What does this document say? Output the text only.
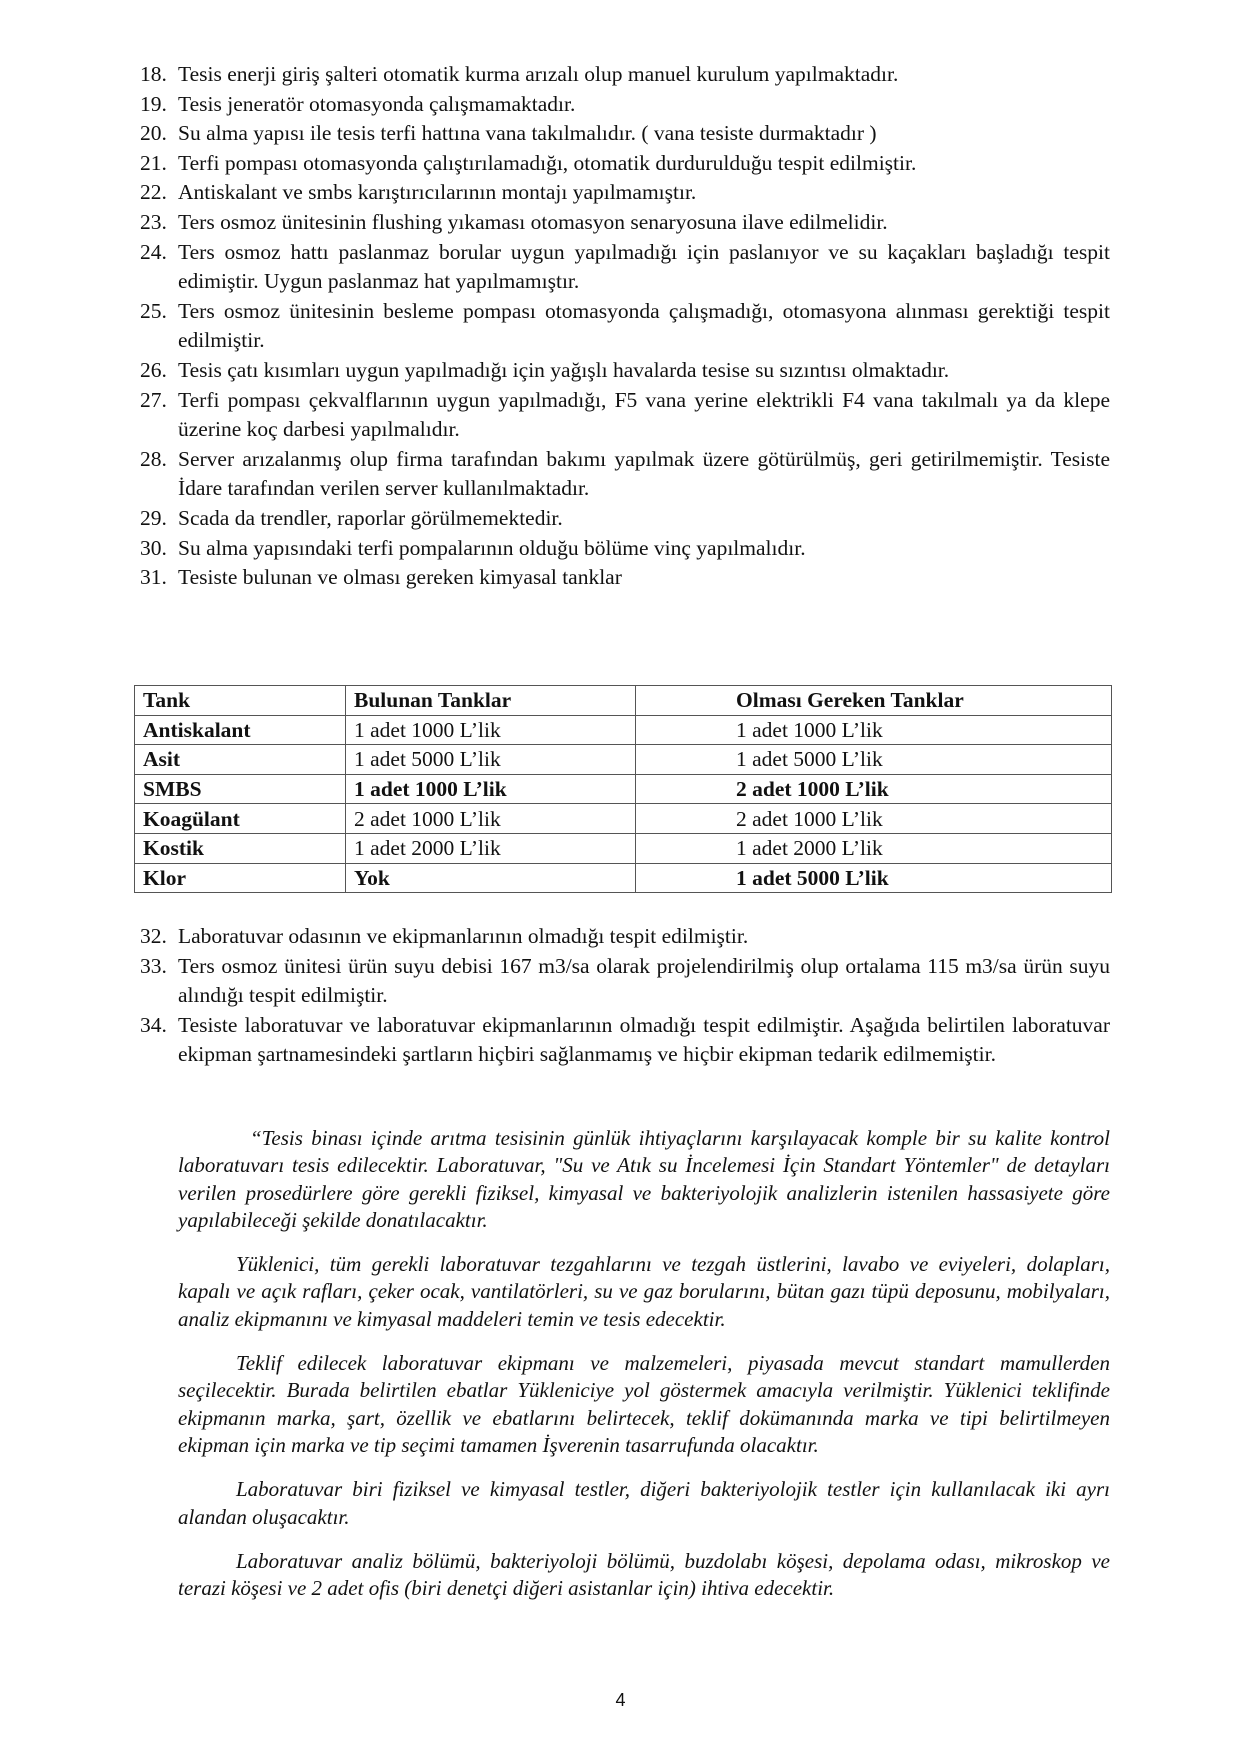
18. Tesis enerji giriş şalteri otomatik kurma arızalı olup manuel kurulum yapılmaktadır.
19. Tesis jeneratör otomasyonda çalışmamaktadır.
20. Su alma yapısı ile tesis terfi hattına vana takılmalıdır. ( vana tesiste durmaktadır )
21. Terfi pompası otomasyonda çalıştırılamadığı, otomatik durdurulduğu tespit edilmiştir.
22. Antiskalant ve smbs karıştırıcılarının montajı yapılmamıştır.
23. Ters osmoz ünitesinin flushing yıkaması otomasyon senaryosuna ilave edilmelidir.
24. Ters osmoz hattı paslanmaz borular uygun yapılmadığı için paslanıyor ve su kaçakları başladığı tespit edimiştir. Uygun paslanmaz hat yapılmamıştır.
25. Ters osmoz ünitesinin besleme pompası otomasyonda çalışmadığı, otomasyona alınması gerektiği tespit edilmiştir.
26. Tesis çatı kısımları uygun yapılmadığı için yağışlı havalarda tesise su sızıntısı olmaktadır.
27. Terfi pompası çekvalflarının uygun yapılmadığı, F5 vana yerine elektrikli F4 vana takılmalı ya da klepe üzerine koç darbesi yapılmalıdır.
28. Server arızalanmış olup firma tarafından bakımı yapılmak üzere götürülmüş, geri getirilmemiştir. Tesiste İdare tarafından verilen server kullanılmaktadır.
29. Scada da trendler, raporlar görülmemektedir.
30. Su alma yapısındaki terfi pompalarının olduğu bölüme vinç yapılmalıdır.
31. Tesiste bulunan ve olması gereken kimyasal tanklar
Tank	Bulunan Tanklar	Olması Gereken Tanklar
Antiskalant	1 adet 1000 L’lik	1 adet 1000 L’lik
Asit	1 adet 5000 L’lik	1 adet 5000 L’lik
SMBS	1 adet 1000 L’lik	2 adet 1000 L’lik
Koagülant	2 adet 1000 L’lik	2 adet 1000 L’lik
Kostik	1 adet 2000 L’lik	1 adet 2000 L’lik
Klor	Yok	1 adet 5000 L’lik
32. Laboratuvar odasının ve ekipmanlarının olmadığı tespit edilmiştir.
33. Ters osmoz ünitesi ürün suyu debisi 167 m3/sa olarak projelendirilmiş olup ortalama 115 m3/sa ürün suyu alındığı tespit edilmiştir.
34. Tesiste laboratuvar ve laboratuvar ekipmanlarının olmadığı tespit edilmiştir. Aşağıda belirtilen laboratuvar ekipman şartnamesindeki şartların hiçbiri sağlanmamış ve hiçbir ekipman tedarik edilmemiştir.

“Tesis binası içinde arıtma tesisinin günlük ihtiyaçlarını karşılayacak komple bir su kalite kontrol laboratuvarı tesis edilecektir. Laboratuvar, "Su ve Atık su İncelemesi İçin Standart Yöntemler" de detayları verilen prosedürlere göre gerekli fiziksel, kimyasal ve bakteriyolojik analizlerin istenilen hassasiyete göre yapılabileceği şekilde donatılacaktır.

Yüklenici, tüm gerekli laboratuvar tezgahlarını ve tezgah üstlerini, lavabo ve eviyeleri, dolapları, kapalı ve açık rafları, çeker ocak, vantilatörleri, su ve gaz borularını, bütan gazı tüpü deposunu, mobilyaları, analiz ekipmanını ve kimyasal maddeleri temin ve tesis edecektir.

Teklif edilecek laboratuvar ekipmanı ve malzemeleri, piyasada mevcut standart mamullerden seçilecektir. Burada belirtilen ebatlar Yükleniciye yol göstermek amacıyla verilmiştir. Yüklenici teklifinde ekipmanın marka, şart, özellik ve ebatlarını belirtecek, teklif dokümanında marka ve tipi belirtilmeyen ekipman için marka ve tip seçimi tamamen İşverenin tasarrufunda olacaktır.

Laboratuvar biri fiziksel ve kimyasal testler, diğeri bakteriyolojik testler için kullanılacak iki ayrı alandan oluşacaktır.

Laboratuvar analiz bölümü, bakteriyoloji bölümü, buzdolabı köşesi, depolama odası, mikroskop ve terazi köşesi ve 2 adet ofis (biri denetçi diğeri asistanlar için) ihtiva edecektir.

4
